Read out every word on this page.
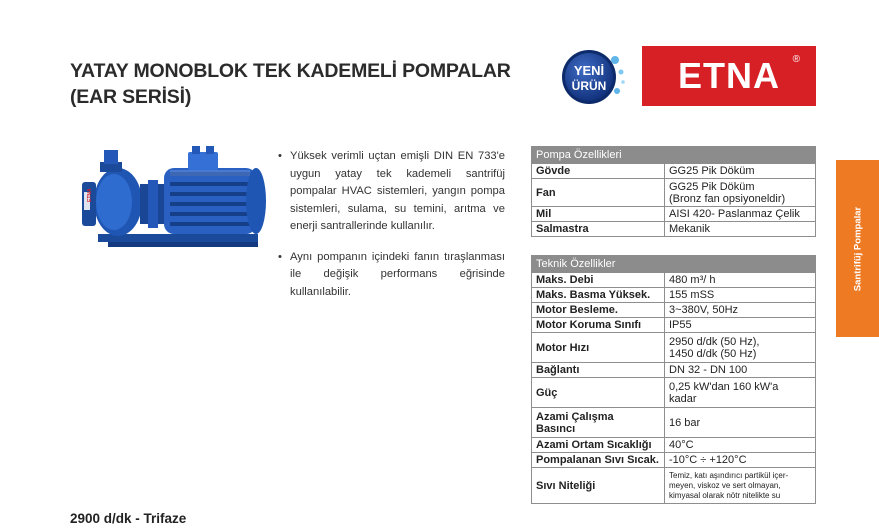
YATAY MONOBLOK TEK KADEMELİ POMPALAR
(EAR SERİSİ)
YENİ
ÜRÜN ETNA ®
ETNA
• Yüksek verimli uçtan emişli DIN EN 733'e uygun yatay tek kademeli santrifüj pompalar HVAC sistemleri, yangın pompa sistemleri, sulama, su temini, arıtma ve enerji santrallerinde kullanılır.
• Aynı pompanın içindeki fanın tıraşlanması ile değişik performans eğrisinde kullanılabilir.
Pompa Özellikleri	
Gövde	GG25 Pik Döküm
Fan	GG25 Pik Döküm
(Bronz fan opsiyoneldir)

Mil	AISI 420- Paslanmaz Çelik
Salmastra	Mekanik
Teknik Özellikler	
Maks. Debi	480 m³/ h
Maks. Basma Yüksek.	155 mSS
Motor Besleme.	3~380V, 50Hz
Motor Koruma Sınıfı	IP55
Motor Hızı	2950 d/dk (50 Hz),
1450 d/dk (50 Hz)

Bağlantı	DN 32 - DN 100
Güç	0,25 kW'dan 160 kW'a
kadar

Azami Çalışma
Basıncı	16 bar
Azami Ortam Sıcaklığı	40°C
Pompalanan Sıvı Sıcak.	-10°C ÷ +120°C
Sıvı Niteliği	Temiz, katı aşındırıcı partikül içer-
meyen, viskoz ve sert olmayan,
kimyasal olarak nötr nitelikte su
Santrifüj Pompalar
2900 d/dk - Trifaze
